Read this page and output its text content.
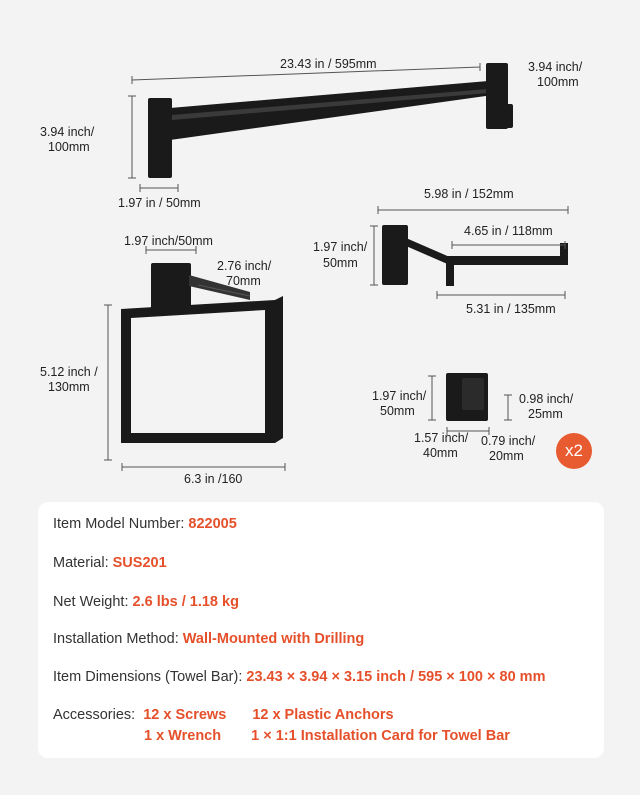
23.43 in / 595mm	3.94 inch/
100mm
3.94 inch/
100mm
1.97 in / 50mm
1.97 inch/50mm
2.76 inch/
70mm
5.12 inch /
130mm
6.3 in /160
5.98 in / 152mm
1.97 inch/
50mm
4.65 in / 118mm
5.31 in / 135mm
1.97 inch/
50mm
0.98 inch/
25mm
1.57 inch/
40mm
0.79 inch/
20mm	x2
Item Model Number: 822005
Material: SUS201
Net Weight: 2.6 lbs / 1.18 kg
Installation Method: Wall-Mounted with Drilling
Item Dimensions (Towel Bar): 23.43 × 3.94 × 3.15 inch / 595 × 100 × 80 mm
Accessories: 12 x Screws 12 x Plastic Anchors
1 x Wrench 1 × 1:1 Installation Card for Towel Bar
